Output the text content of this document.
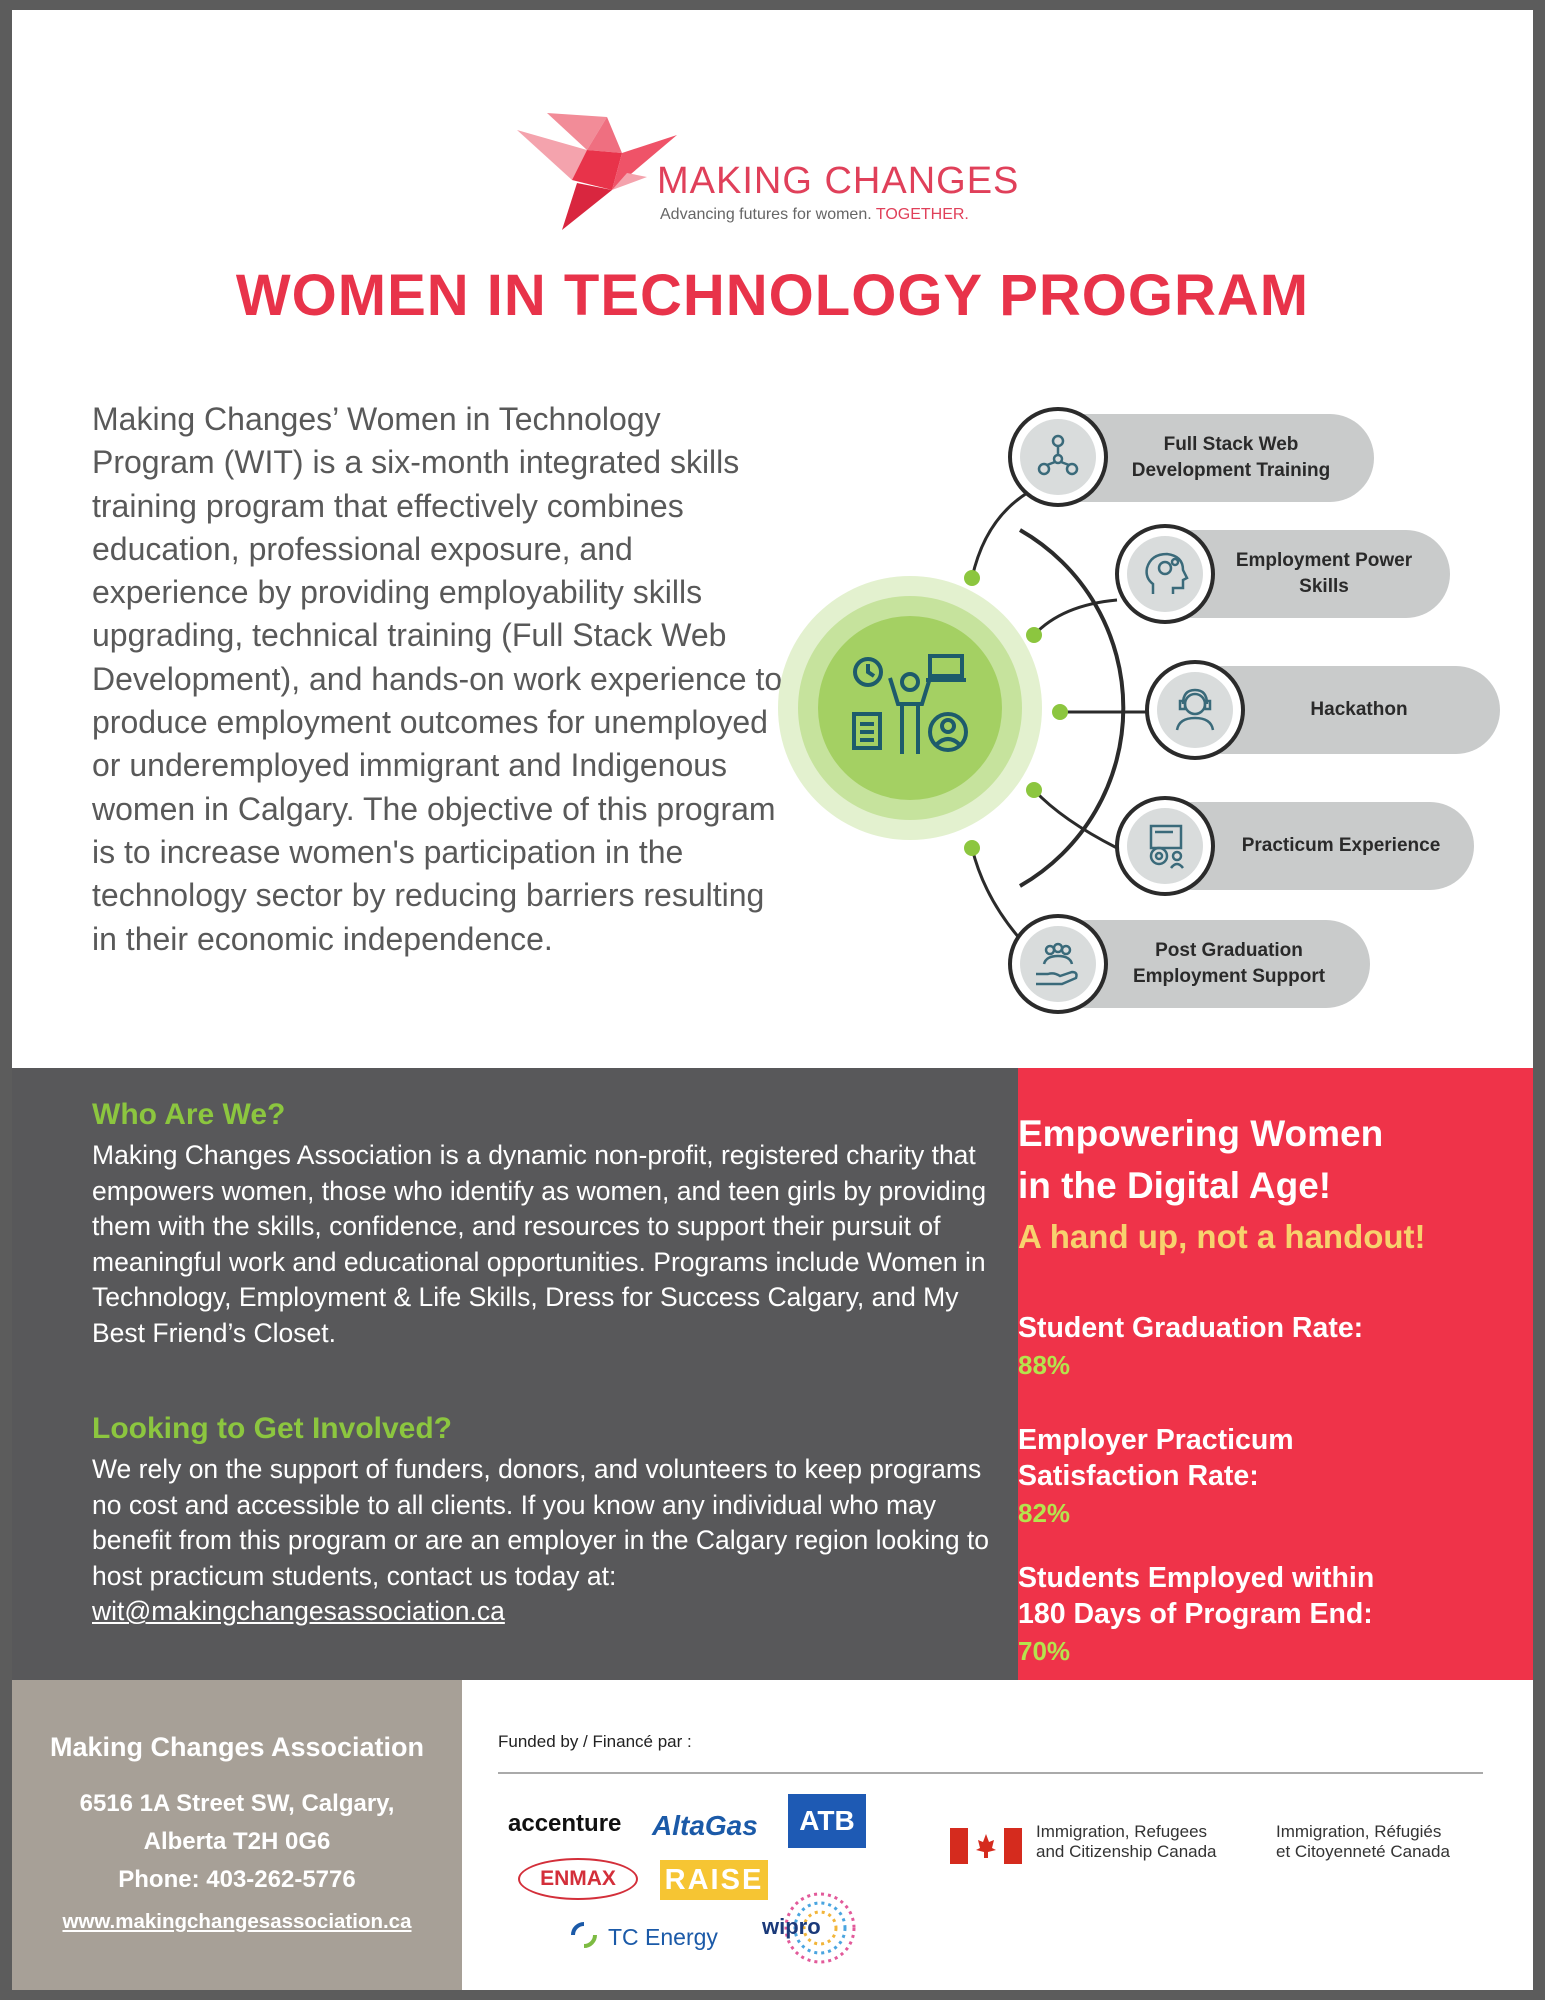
MAKING CHANGES
Advancing futures for women. TOGETHER.
WOMEN IN TECHNOLOGY PROGRAM
Making Changes’ Women in Technology Program (WIT) is a six-month integrated skills training program that effectively combines education, professional exposure, and experience by providing employability skills upgrading, technical training (Full Stack Web Development), and hands-on work experience to produce employment outcomes for unemployed or underemployed immigrant and Indigenous women in Calgary. The objective of this program is to increase women's participation in the technology sector by reducing barriers resulting in their economic independence.
Full Stack Web
Development Training
Employment Power
Skills
Hackathon
Practicum Experience
Post Graduation
Employment Support
Who Are We?
Making Changes Association is a dynamic non-profit, registered charity that empowers women, those who identify as women, and teen girls by providing them with the skills, confidence, and resources to support their pursuit of meaningful work and educational opportunities. Programs include Women in Technology, Employment & Life Skills, Dress for Success Calgary, and My Best Friend’s Closet.
Looking to Get Involved?
We rely on the support of funders, donors, and volunteers to keep programs no cost and accessible to all clients. If you know any individual who may benefit from this program or are an employer in the Calgary region looking to host practicum students, contact us today at:
wit@makingchangesassociation.ca
Empowering Women
in the Digital Age!
A hand up, not a handout!
Student Graduation Rate:
88%
Employer Practicum
Satisfaction Rate:
82%
Students Employed within
180 Days of Program End:
70%
Making Changes Association
6516 1A Street SW, Calgary,
Alberta T2H 0G6
Phone: 403-262-5776
www.makingchangesassociation.ca
Funded by / Financé par :
accenture AltaGas ATB
ENMAX RAISE
TC Energy wipro
Immigration, Refugees
and Citizenship Canada
Immigration, Réfugiés
et Citoyenneté Canada
